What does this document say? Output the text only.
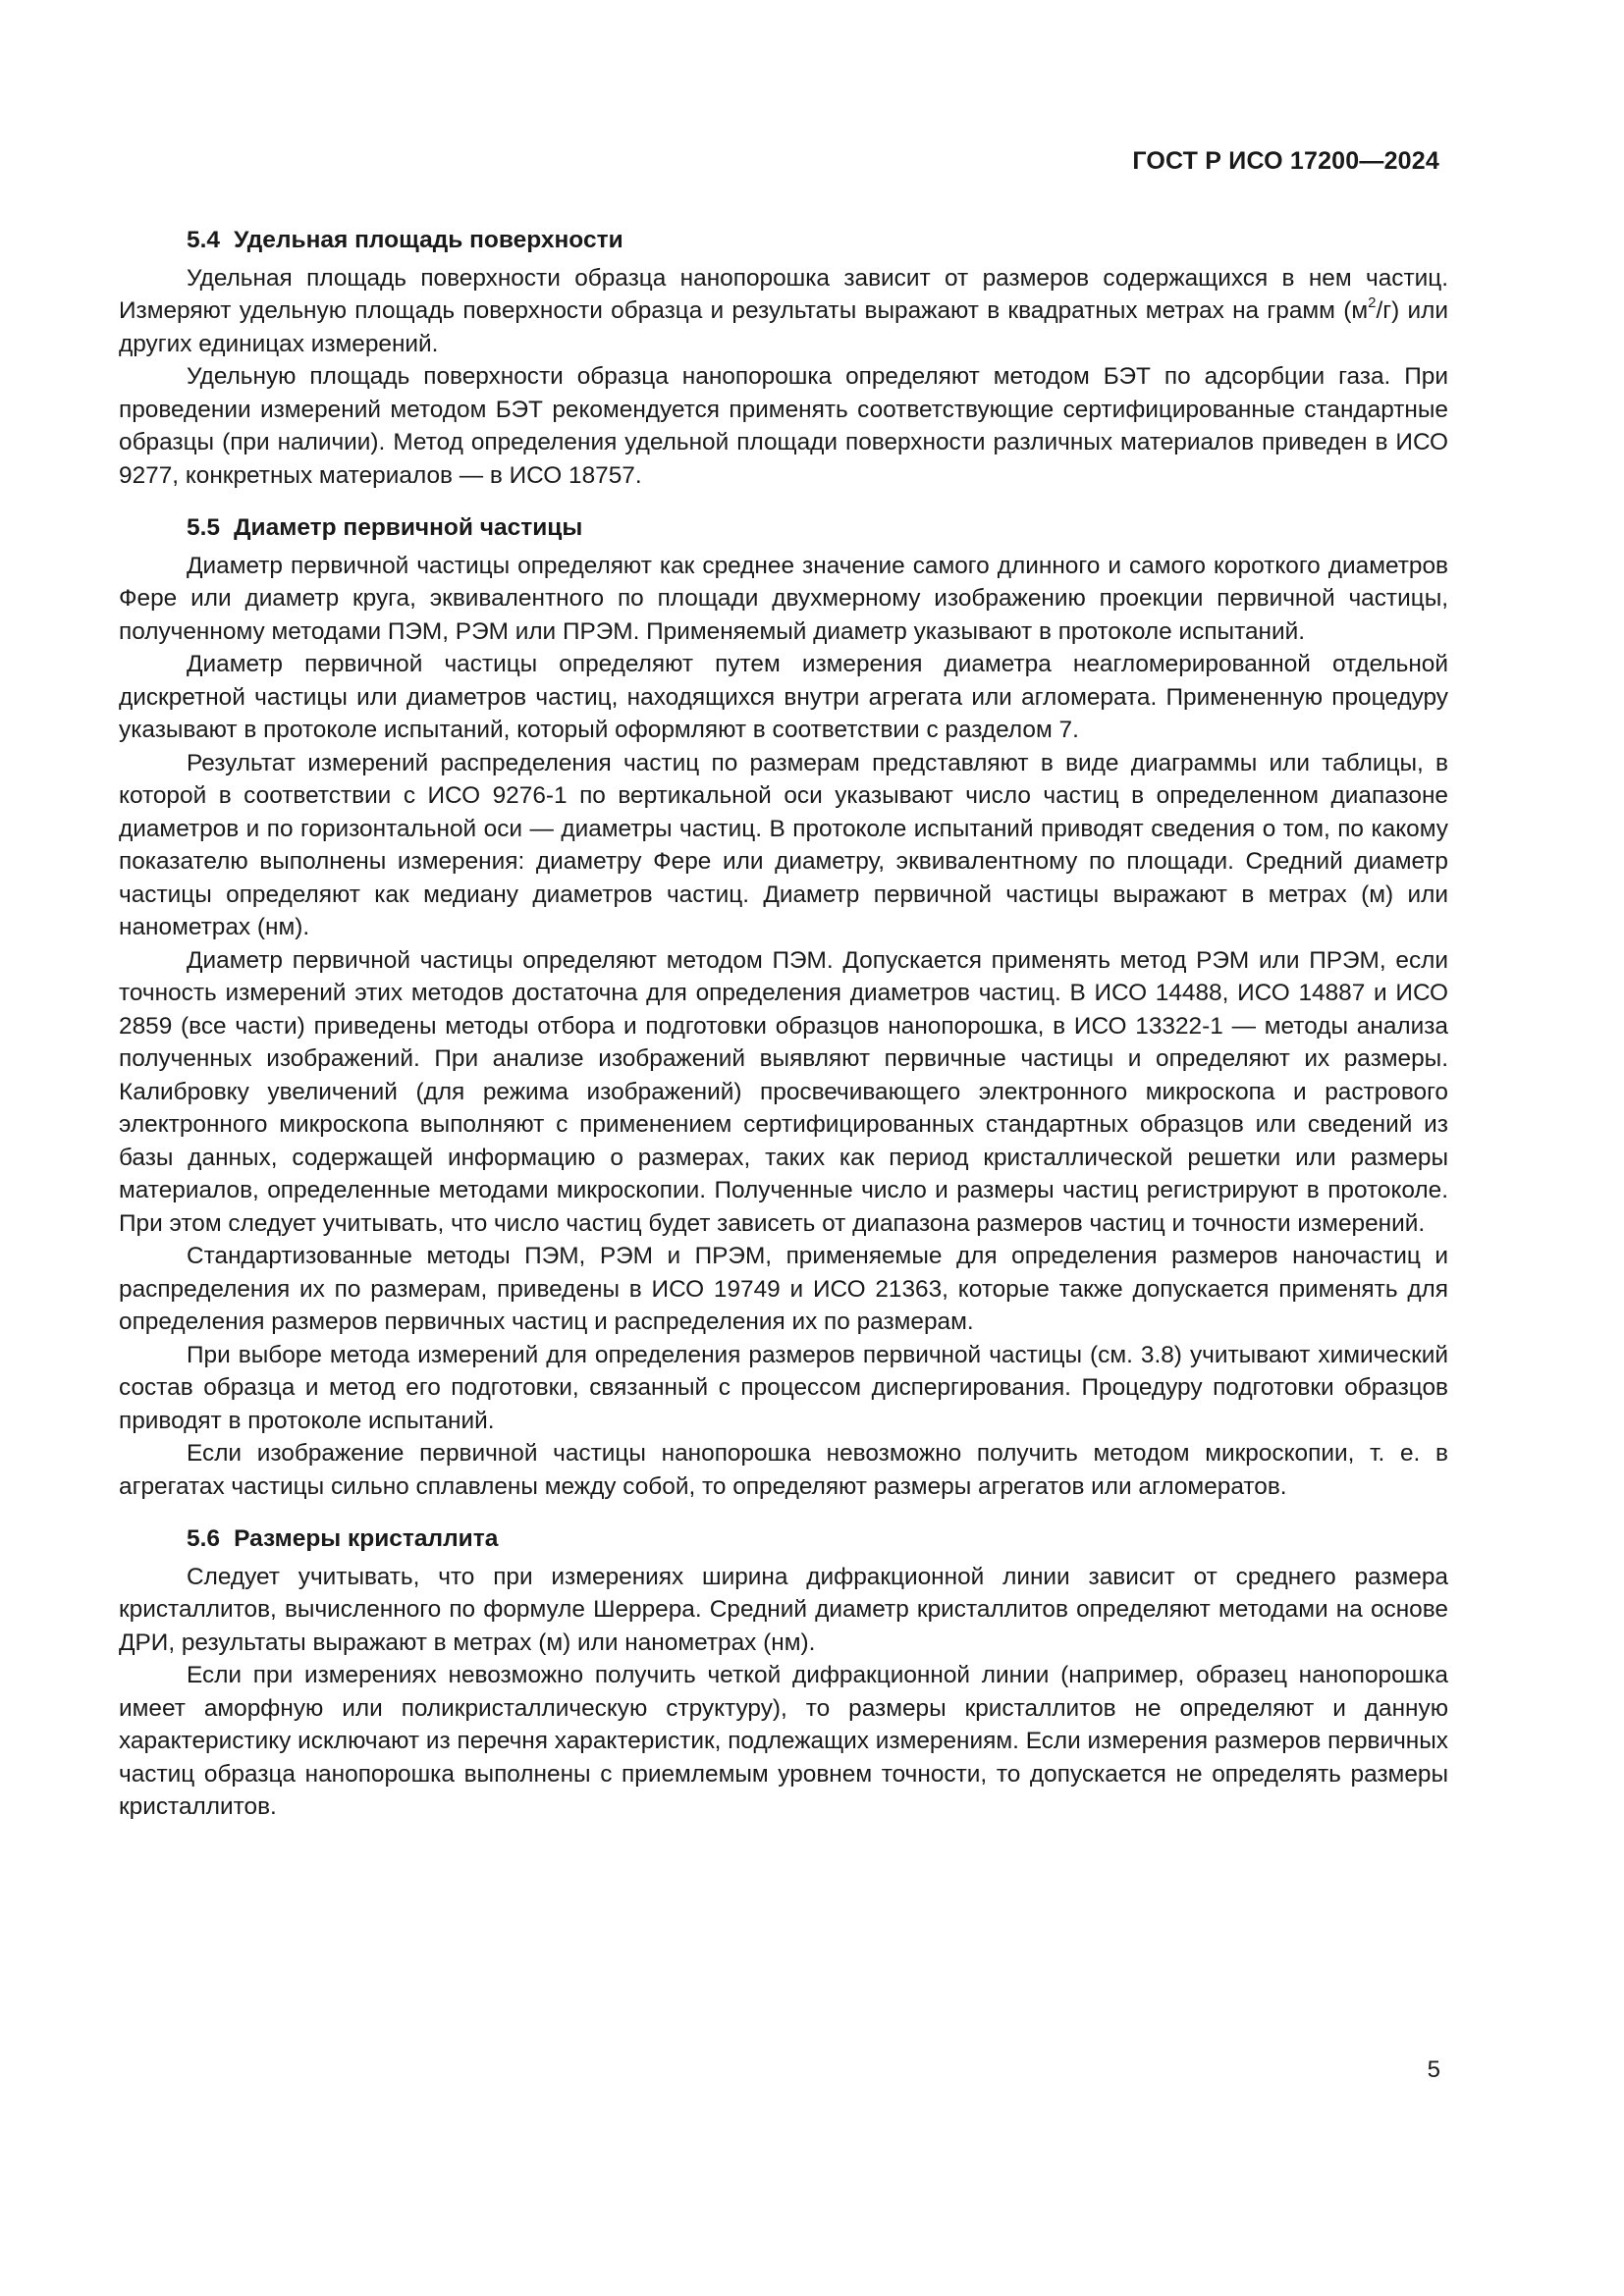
ГОСТ Р ИСО 17200—2024
5.4 Удельная площадь поверхности

Удельная площадь поверхности образца нанопорошка зависит от размеров содержащихся в нем частиц. Измеряют удельную площадь поверхности образца и результаты выражают в квадратных метрах на грамм $(м^2/г)$ или других единицах измерений.

Удельную площадь поверхности образца нанопорошка определяют методом БЭТ по адсорбции газа. При проведении измерений методом БЭТ рекомендуется применять соответствующие сертифицированные стандартные образцы (при наличии). Метод определения удельной площади поверхности различных материалов приведен в ИСО 9277, конкретных материалов — в ИСО 18757.

5.5 Диаметр первичной частицы

Диаметр первичной частицы определяют как среднее значение самого длинного и самого короткого диаметров Фере или диаметр круга, эквивалентного по площади двухмерному изображению проекции первичной частицы, полученному методами ПЭМ, РЭМ или ПРЭМ. Применяемый диаметр указывают в протоколе испытаний.

Диаметр первичной частицы определяют путем измерения диаметра неагломерированной отдельной дискретной частицы или диаметров частиц, находящихся внутри агрегата или агломерата. Примененную процедуру указывают в протоколе испытаний, который оформляют в соответствии с разделом 7.

Результат измерений распределения частиц по размерам представляют в виде диаграммы или таблицы, в которой в соответствии с ИСО 9276-1 по вертикальной оси указывают число частиц в определенном диапазоне диаметров и по горизонтальной оси — диаметры частиц. В протоколе испытаний приводят сведения о том, по какому показателю выполнены измерения: диаметру Фере или диаметру, эквивалентному по площади. Средний диаметр частицы определяют как медиану диаметров частиц. Диаметр первичной частицы выражают в метрах (м) или нанометрах (нм).

Диаметр первичной частицы определяют методом ПЭМ. Допускается применять метод РЭМ или ПРЭМ, если точность измерений этих методов достаточна для определения диаметров частиц. В ИСО 14488, ИСО 14887 и ИСО 2859 (все части) приведены методы отбора и подготовки образцов нанопорошка, в ИСО 13322-1 — методы анализа полученных изображений. При анализе изображений выявляют первичные частицы и определяют их размеры. Калибровку увеличений (для режима изображений) просвечивающего электронного микроскопа и растрового электронного микроскопа выполняют с применением сертифицированных стандартных образцов или сведений из базы данных, содержащей информацию о размерах, таких как период кристаллической решетки или размеры материалов, определенные методами микроскопии. Полученные число и размеры частиц регистрируют в протоколе. При этом следует учитывать, что число частиц будет зависеть от диапазона размеров частиц и точности измерений.

Стандартизованные методы ПЭМ, РЭМ и ПРЭМ, применяемые для определения размеров наночастиц и распределения их по размерам, приведены в ИСО 19749 и ИСО 21363, которые также допускается применять для определения размеров первичных частиц и распределения их по размерам.

При выборе метода измерений для определения размеров первичной частицы (см. 3.8) учитывают химический состав образца и метод его подготовки, связанный с процессом диспергирования. Процедуру подготовки образцов приводят в протоколе испытаний.

Если изображение первичной частицы нанопорошка невозможно получить методом микроскопии, т. е. в агрегатах частицы сильно сплавлены между собой, то определяют размеры агрегатов или агломератов.

5.6 Размеры кристаллита

Следует учитывать, что при измерениях ширина дифракционной линии зависит от среднего размера кристаллитов, вычисленного по формуле Шеррера. Средний диаметр кристаллитов определяют методами на основе ДРИ, результаты выражают в метрах (м) или нанометрах (нм).

Если при измерениях невозможно получить четкой дифракционной линии (например, образец нанопорошка имеет аморфную или поликристаллическую структуру), то размеры кристаллитов не определяют и данную характеристику исключают из перечня характеристик, подлежащих измерениям. Если измерения размеров первичных частиц образца нанопорошка выполнены с приемлемым уровнем точности, то допускается не определять размеры кристаллитов.

5
